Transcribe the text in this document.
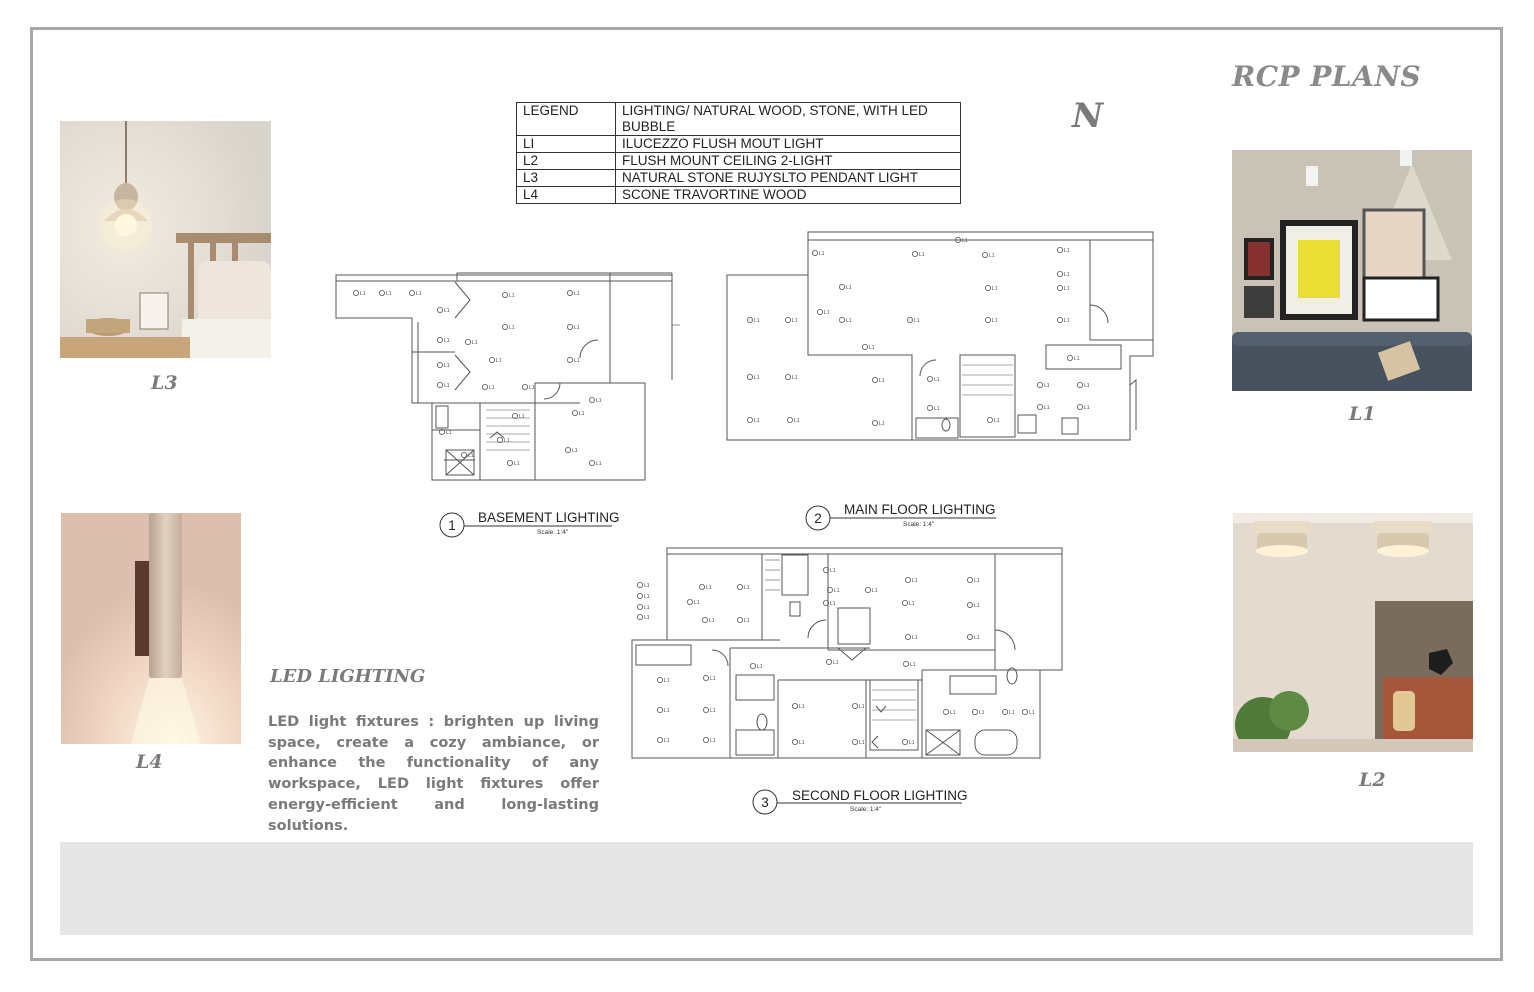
RCP PLANS
N
LEGEND	LIGHTING/ NATURAL WOOD, STONE, WITH LED BUBBLE
LI	ILUCEZZO FLUSH MOUT LIGHT
L2	FLUSH MOUNT CEILING 2-LIGHT
L3	NATURAL STONE RUJYSLTO PENDANT LIGHT
L4	SCONE TRAVORTINE WOOD
L3
L4
L1
L2
LED LIGHTING
LED light fixtures : brighten up living space, create a cozy ambiance, or enhance the functionality of any workspace, LED light fixtures offer energy-efficient and long-lasting solutions.
L1	L1	L1
L1
L1
L1
L1
L1	L1
L1	L1
L1
L1	L1
L1	L1
L1
L1
L1
L1
L1
L1
L1
L1
L1
L1	L1
L1
L1
L1
L1
L1
L1	L1
L1	L1	L1	L1	L1	L1
L1
L1
L1	L1	L1
L1	L1
L1	L1
L1	L1	L1
L1
L1
L1
L1
L1
L1
L1
L1
L1
L1	L1
L1	L1
L1	L1
L1	L1
L1	L1
L1	L1
L1	L1
L1	L1
L1	L1
L1
L1	L1
L1	L1
L1	L1	L1
L1	L1	L1	L1
L1
L1
1
BASEMENT LIGHTING
Scale: 1:4"
2
MAIN FLOOR LIGHTING
Scale: 1:4"
3 SECOND FLOOR LIGHTING
Scale: 1:4"
